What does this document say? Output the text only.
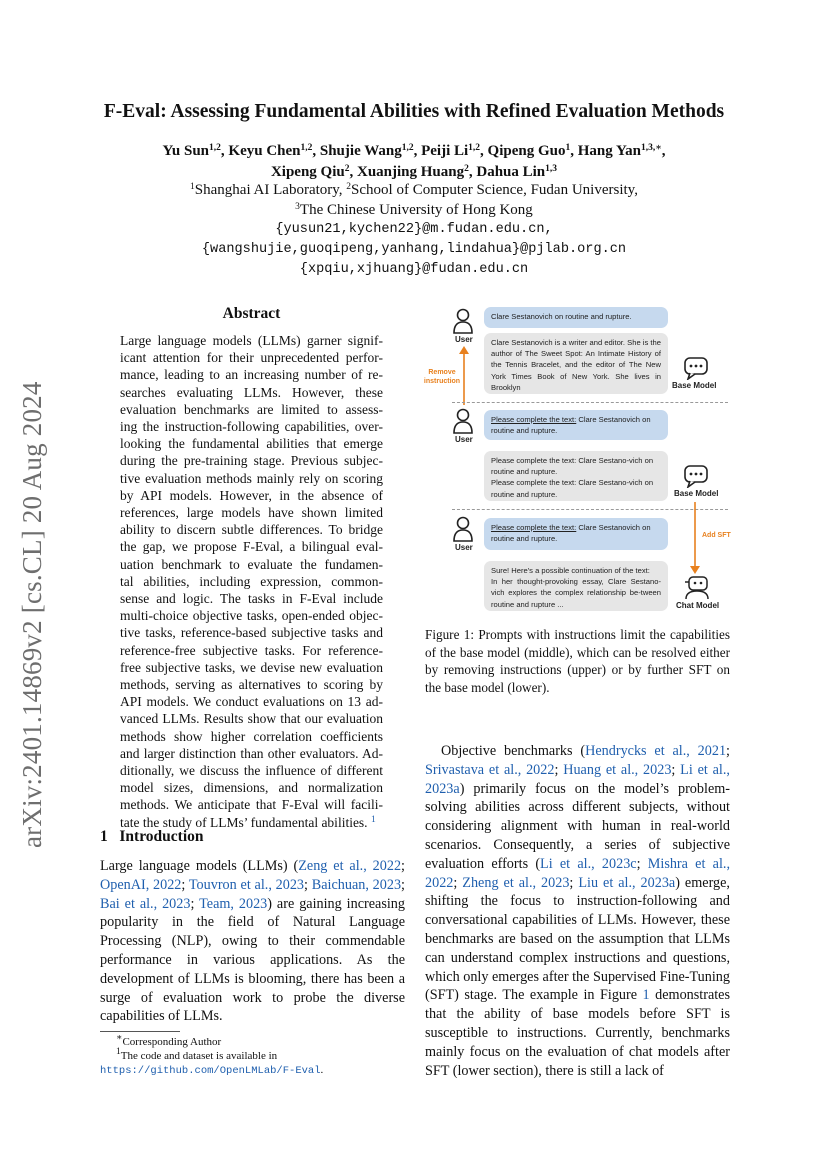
F-Eval: Assessing Fundamental Abilities with Refined Evaluation Methods
Yu Sun$^{1,2}$, Keyu Chen$^{1,2}$, Shujie Wang$^{1,2}$, Peiji Li$^{1,2}$, Qipeng Guo$^1$, Hang Yan$^{1,3,∗}$,
Xipeng Qiu$^2$, Xuanjing Huang$^2$, Dahua Lin$^{1,3}$
$^1$Shanghai AI Laboratory, $^2$School of Computer Science, Fudan University,
$^3$The Chinese University of Hong Kong
{yusun21,kychen22}@m.fudan.edu.cn,
{wangshujie,guoqipeng,yanhang,lindahua}@pjlab.org.cn
{xpqiu,xjhuang}@fudan.edu.cn
arXiv:2401.14869v2 [cs.CL] 20 Aug 2024
Abstract
Large language models (LLMs) garner signif-
icant attention for their unprecedented perfor-
mance, leading to an increasing number of re-
searches evaluating LLMs. However, these
evaluation benchmarks are limited to assess-
ing the instruction-following capabilities, over-
looking the fundamental abilities that emerge
during the pre-training stage. Previous subjec-
tive evaluation methods mainly rely on scoring
by API models. However, in the absence of
references, large models have shown limited
ability to discern subtle differences. To bridge
the gap, we propose F-Eval, a bilingual eval-
uation benchmark to evaluate the fundamen-
tal abilities, including expression, common-
sense and logic. The tasks in F-Eval include
multi-choice objective tasks, open-ended objec-
tive tasks, reference-based subjective tasks and
reference-free subjective tasks. For reference-
free subjective tasks, we devise new evaluation
methods, serving as alternatives to scoring by
API models. We conduct evaluations on 13 ad-
vanced LLMs. Results show that our evaluation
methods show higher correlation coefficients
and larger distinction than other evaluators. Ad-
ditionally, we discuss the influence of different
model sizes, dimensions, and normalization
methods. We anticipate that F-Eval will facili-
tate the study of LLMs’ fundamental abilities. $^1$
1 Introduction
Large language models (LLMs) (Zeng et al., 2022; OpenAI, 2022; Touvron et al., 2023; Baichuan, 2023; Bai et al., 2023; Team, 2023) are gaining increasing popularity in the field of Natural Language Processing (NLP), owing to their commendable performance in various applications. As the development of LLMs is blooming, there has been a surge of evaluation work to probe the diverse capabilities of LLMs.
∗Corresponding Author
$^1$The code and dataset is available in https://github.com/OpenLMLab/F-Eval.
User
User
User
Remove instruction
Clare Sestanovich on routine and rupture.
Clare Sestanovich is a writer and editor. She is the author of The Sweet Spot: An Intimate History of the Tennis Bracelet, and the editor of The New York Times Book of New York. She lives in Brooklyn	Base Model
Please complete the text: Clare Sestanovich on routine and rupture.
Please complete the text: Clare Sestano-vich on routine and rupture.
Please complete the text: Clare Sestano-vich on routine and rupture.	Base Model
Add SFT
Please complete the text: Clare Sestanovich on routine and rupture.
Sure! Here's a possible continuation of the text:
In her thought-provoking essay, Clare Sestano-vich explores the complex relationship be-tween routine and rupture ...	Chat Model
Figure 1: Prompts with instructions limit the capabilities of the base model (middle), which can be resolved either by removing instructions (upper) or by further SFT on the base model (lower).
Objective benchmarks (Hendrycks et al., 2021; Srivastava et al., 2022; Huang et al., 2023; Li et al., 2023a) primarily focus on the model’s problem-solving abilities across different subjects, without considering alignment with human in real-world scenarios. Consequently, a series of subjective evaluation efforts (Li et al., 2023c; Mishra et al., 2022; Zheng et al., 2023; Liu et al., 2023a) emerge, shifting the focus to instruction-following and conversational capabilities of LLMs. However, these benchmarks are based on the assumption that LLMs can understand complex instructions and questions, which only emerges after the Supervised Fine-Tuning (SFT) stage. The example in Figure 1 demonstrates that the ability of base models before SFT is susceptible to instructions. Currently, benchmarks mainly focus on the evaluation of chat models after SFT (lower section), there is still a lack of
